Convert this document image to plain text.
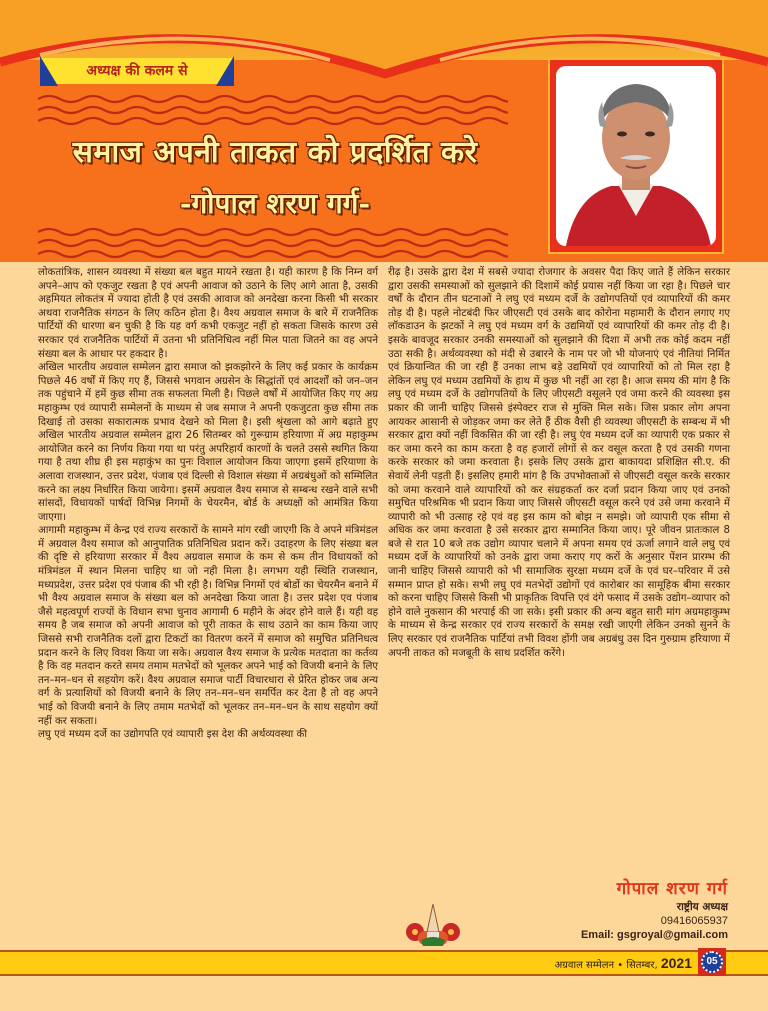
अध्यक्ष की कलम से
समाज अपनी ताकत को प्रदर्शित करे
-गोपाल शरण गर्ग-

लोकतांत्रिक, शासन व्यवस्था में संख्या बल बहुत मायने रखता है। यही कारण है कि निम्न वर्ग अपने–आप को एकजुट रखता है एवं अपनी आवाज को उठाने के लिए आगे आता है, उसकी अहमियत लोकतंत्र में ज्यादा होती है एवं उसकी आवाज को अनदेखा करना किसी भी सरकार अथवा राजनैतिक संगठन के लिए कठिन होता है। वैश्य अग्रवाल समाज के बारे में राजनैतिक पार्टियों की धारणा बन चुकी है कि यह वर्ग कभी एकजुट नहीं हो सकता जिसके कारण उसे सरकार एवं राजनैतिक पार्टियों में उतना भी प्रतिनिधित्व नहीं मिल पाता जितने का वह अपने संख्या बल के आधार पर हकदार है।

अखिल भारतीय अग्रवाल सम्मेलन द्वारा समाज को झकझोरने के लिए कई प्रकार के कार्यक्रम पिछले 46 वर्षों में किए गए हैं, जिससे भगवान अग्रसेन के सिद्धांतों एवं आदर्शों को जन–जन तक पहुंचाने में हमें कुछ सीमा तक सफलता मिली है। पिछले वर्षों में आयोजित किए गए अग्र महाकुम्भ एवं व्यापारी सम्मेलनों के माध्यम से जब समाज ने अपनी एकजुटता कुछ सीमा तक दिखाई तो उसका सकारात्मक प्रभाव देखने को मिला है। इसी श्रृंखला को आगे बढ़ाते हुए अखिल भारतीय अग्रवाल सम्मेलन द्वारा 26 सितम्बर को गुरूग्राम हरियाणा में अग्र महाकुम्भ आयोजित करने का निर्णय किया गया था परंतु अपरिहार्य कारणों के चलते उससे स्थगित किया गया है तथा शीघ्र ही इस महाकुंभ का पुनः विशाल आयोजन किया जाएगा इसमें हरियाणा के अलावा राजस्थान, उत्तर प्रदेश, पंजाब एवं दिल्ली से विशाल संख्या में अग्रबंधुओं को सम्मिलित करने का लक्ष्य निर्धारित किया जायेगा। इसमें अग्रवाल वैश्य समाज से सम्बन्ध रखने वाले सभी सांसदों, विधायकों पार्षदों विभिन्न निगमों के चेयरमैन, बोर्ड के अध्यक्षों को आमंत्रित किया जाएगा।

आगामी महाकुम्भ में केन्द्र एवं राज्य सरकारों के सामने मांग रखी जाएगी कि वे अपने मंत्रिमंडल में अग्रवाल वैश्य समाज को आनुपातिक प्रतिनिधित्व प्रदान करें। उदाहरण के लिए संख्या बल की दृष्टि से हरियाणा सरकार में वैश्य अग्रवाल समाज के कम से कम तीन विधायकों को मंत्रिमंडल में स्थान मिलना चाहिए था जो नही मिला है। लगभग यही स्थिति राजस्थान, मध्यप्रदेश, उत्तर प्रदेश एवं पंजाब की भी रही है। विभिन्न निगमों एवं बोर्डो का चेयरमैन बनाने में भी वैश्य अग्रवाल समाज के संख्या बल को अनदेखा किया जाता है। उत्तर प्रदेश एव पंजाब जैसे महत्वपूर्ण राज्यों के विधान सभा चुनाव आगामी 6 महीने के अंदर होने वाले हैं। यही वह समय है जब समाज को अपनी आवाज को पूरी ताकत के साथ उठाने का काम किया जाए जिससे सभी राजनैतिक दलों द्वारा टिकटों का वितरण करनें में समाज को समुचित प्रतिनिधत्व प्रदान करने के लिए विवश किया जा सके। अग्रवाल वैश्य समाज के प्रत्येक मतदाता का कर्तव्य है कि वह मतदान करते समय तमाम मतभेदों को भूलकर अपने भाई को विजयी बनाने के लिए तन–मन–धन से सहयोग करें। वैश्य अग्रवाल समाज पार्टी विचारधारा से प्रेरित होकर जब अन्य वर्ग के प्रत्याशियों को विजयी बनाने के लिए तन–मन–धन समर्पित कर देता है तो वह अपने भाई को विजयी बनाने के लिए तमाम मतभेदों को भूलकर तन–मन–धन के साथ सहयोग क्यों नहीं कर सकता।

लघु एवं मध्यम दर्जे का उद्योगपति एवं व्यापारी इस देश की अर्थव्यवस्था की

रीढ़ है। उसके द्वारा देश में सबसे ज्यादा रोजगार के अवसर पैदा किए जाते हैं लेकिन सरकार द्वारा उसकी समस्याओं को सुलझाने की दिशामें कोई प्रयास नहीं किया जा रहा है। पिछले चार वर्षों के दौरान तीन घटनाओं ने लघु एवं मध्यम दर्जे के उद्योगपतियों एवं व्यापारियों की कमर तोड़ दी है। पहले नोटबंदी फिर जीएसटी एवं उसके बाद कोरोना महामारी के दौरान लगाए गए लॉकडाउन के झटकों ने लघु एवं मध्यम वर्ग के उद्यमियों एवं व्यापारियों की कमर तोड़ दी है। इसके बावजूद सरकार उनकी समस्याओं को सुलझाने की दिशा में अभी तक कोई कदम नहीं उठा सकी है। अर्थव्यवस्था को मंदी से उबारने के नाम पर जो भी योजनाएं एवं नीतियां निर्मित एवं क्रियान्वित की जा रही हैं उनका लाभ बड़े उद्यमियों एवं व्यापारियों को तो मिल रहा है लेकिन लघु एवं मध्यम उद्यमियों के हाथ में कुछ भी नहीं आ रहा है। आज समय की मांग है कि लघु एवं मध्यम दर्जे के उद्योगपतियों के लिए जीएसटी वसूलने एवं जमा करने की व्यवस्था इस प्रकार की जानी चाहिए जिससे इंस्पेक्टर राज से मुक्ति मिल सके। जिस प्रकार लोग अपना आयकर आसानी से जोड़कर जमा कर लेते हैं ठीक वैसी ही व्यवस्था जीएसटी के सम्बन्ध में भी सरकार द्वारा क्यों नहीं विकसित की जा रही है। लघु एंव मध्यम दर्जे का व्यापारी एक प्रकार से कर जमा करने का काम करता है वह हजारों लोगों से कर वसूल करता है एवं उसकी गणना करके सरकार को जमा करवाता है। इसके लिए उसके द्वारा बाकायदा प्रशिक्षित सी.ए. की सेवायें लेनी पड़ती हैं। इसलिए हमारी मांग है कि उपभोक्ताओं से जीएसटी वसूल करके सरकार को जमा करवाने वाले व्यापारियों को कर संग्रहकर्ता कर दर्जा प्रदान किया जाए एवं उनको समुचित परिश्रमिक भी प्रदान किया जाए जिससे जीएसटी वसूल करने एवं उसे जमा करवाने में व्यापारी को भी उत्साह रहे एवं वह इस काम को बोझ न समझे। जो व्यापारी एक सीमा से अधिक कर जमा करवाता है उसे सरकार द्वारा सम्मानित किया जाए। पूरे जीवन प्रातःकाल 8 बजे से रात 10 बजे तक उद्योग व्यापार चलाने में अपना समय एवं ऊर्जा लगाने वाले लघु एवं मध्यम दर्जे के व्यापारियों को उनके द्वारा जमा कराए गए करों के अनुसार पेंशन प्रारम्भ की जानी चाहिए जिससे व्यापारी को भी सामाजिक सुरक्षा मध्यम दर्जे के एवं घर–परिवार में उसे सम्मान प्राप्त हो सके। सभी लघु एवं मतभेदों उद्योगों एवं कारोबार का सामूहिक बीमा सरकार को करना चाहिए जिससे किसी भी प्राकृतिक विपत्ति एवं दंगे फसाद में उसके उद्योग–व्यापार को होने वाले नुकसान की भरपाई की जा सके। इसी प्रकार की अन्य बहुत सारी मांग अग्रमहाकुम्भ के माध्यम से केन्द्र सरकार एवं राज्य सरकारों के समक्ष रखी जाएगी लेकिन उनको सुनने के लिए सरकार एवं राजनैतिक पार्टियां तभी विवश होंगी जब अग्रबंधु उस दिन गुरुग्राम हरियाणा में अपनी ताकत को मजबूती के साथ प्रदर्शित करेंगे।

गोपाल शरण गर्ग
राष्ट्रीय अध्यक्ष
09416065937
Email: gsgroyal@gmail.com
अग्रवाल सम्मेलन • सितम्बर, 2021	05
